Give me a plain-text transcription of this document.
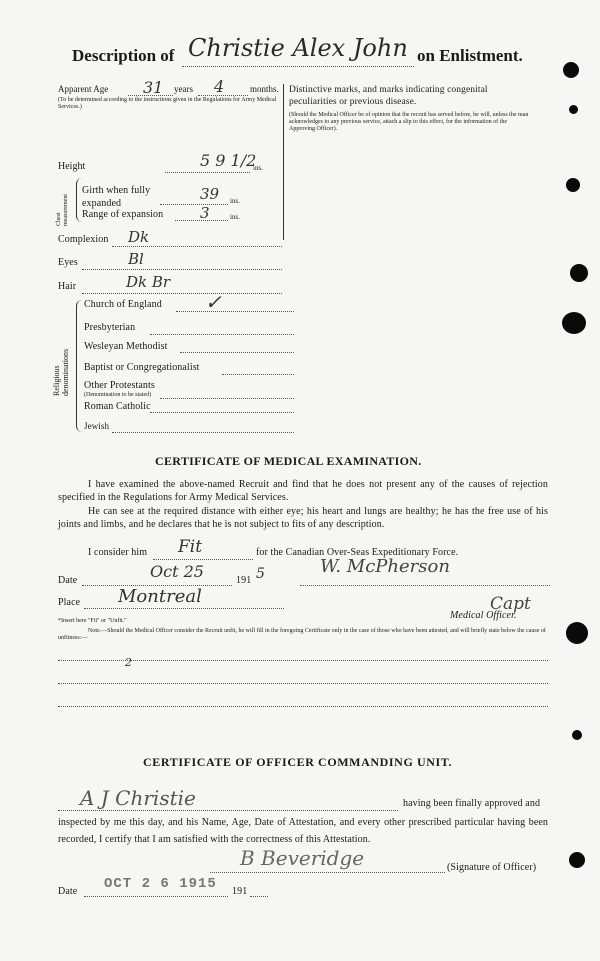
Description of Christie Alex John on Enlistment.
Apparent Age 31 years 4	months.
(To be determined according to the instructions given in the Regulations for Army Medical Services.)
Height	5 9 1/2
ins.
Chest measurement
Girth when fully expanded
39 ins.
Range of expansion 3	ins.
Complexion Dk
Eyes	Bl
Hair	Dk Br
Distinctive marks, and marks indicating congenital peculiarities or previous disease.
(Should the Medical Officer be of opinion that the recruit has served before, he will, unless the man acknowledges to any previous service, attach a slip to this effect, for the information of the Approving Officer).
Religious denominations
Church of England ✓
Presbyterian
Wesleyan Methodist
Baptist or Congregationalist
Other Protestants
(Denomination to be stated)
Roman Catholic
Jewish
CERTIFICATE OF MEDICAL EXAMINATION.
I have examined the above-named Recruit and find that he does not present any of the causes of rejection specified in the Regulations for Army Medical Services.
He can see at the required distance with either eye; his heart and lungs are healthy; he has the free use of his joints and limbs, and he declares that he is not subject to fits of any description.
I consider him Fit	for the Canadian Over-Seas Expeditionary Force.
Date	Oct 25	191 5	W. McPherson
Place Montreal	Capt
Medical Officer.
*Insert here "Fit" or "Unfit."
Note.—Should the Medical Officer consider the Recruit unfit, he will fill in the foregoing Certificate only in the case of those who have been attested, and will briefly state below the cause of unfitness:—
2
CERTIFICATE OF OFFICER COMMANDING UNIT.
A J Christie	having been finally approved and
inspected by me this day, and his Name, Age, Date of Attestation, and every other prescribed particular having been recorded, I certify that I am satisfied with the correctness of this Attestation.
B Beveridge	(Signature of Officer)
Date OCT 2 6 1915 191
